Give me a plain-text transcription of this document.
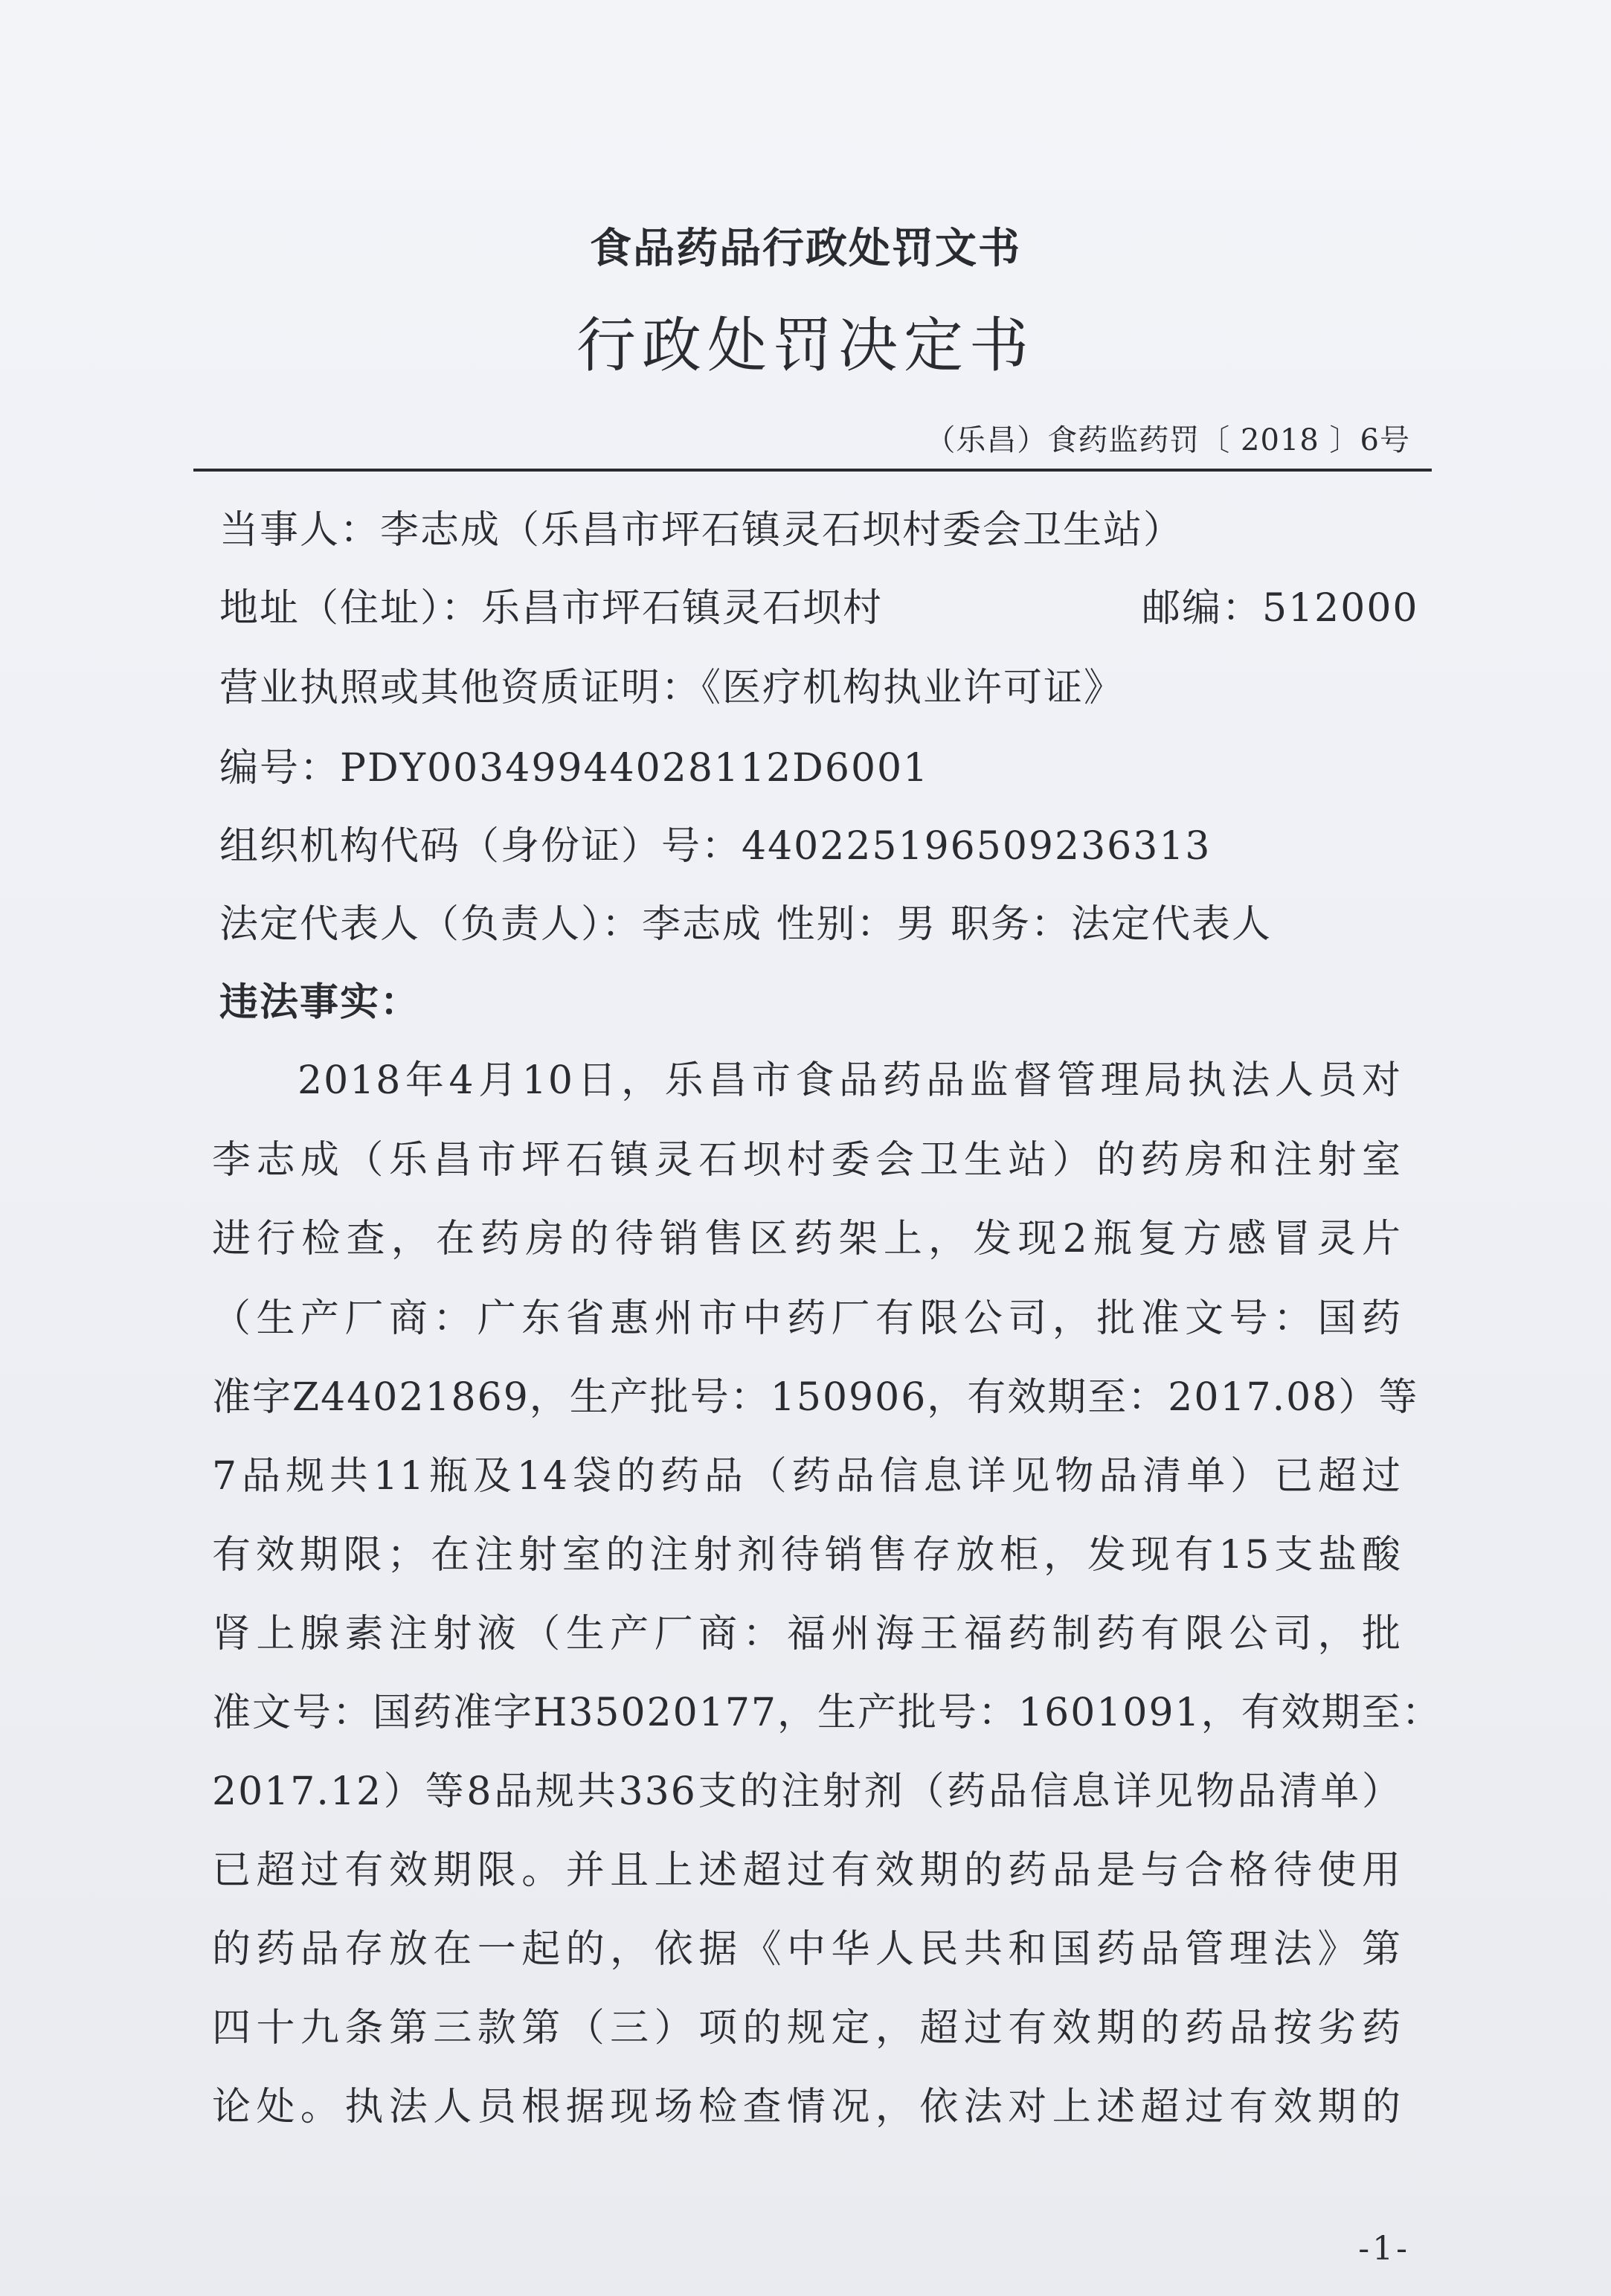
食品药品行政处罚文书
行政处罚决定书
（乐昌）食药监药罚〔 2018 〕6号
当事人：李志成（乐昌市坪石镇灵石坝村委会卫生站）
地址（住址）：乐昌市坪石镇灵石坝村	邮编：512000
营业执照或其他资质证明：《医疗机构执业许可证》
编号：PDY00349944028112D6001
组织机构代码（身份证）号：440225196509236313
法定代表人（负责人）：李志成 性别：男 职务：法定代表人
违法事实：
2018年4月10日，乐昌市食品药品监督管理局执法人员对
李志成（乐昌市坪石镇灵石坝村委会卫生站）的药房和注射室
进行检查，在药房的待销售区药架上，发现2瓶复方感冒灵片
（生产厂商：广东省惠州市中药厂有限公司，批准文号：国药
准字Z44021869，生产批号：150906，有效期至：2017.08）等
7品规共11瓶及14袋的药品（药品信息详见物品清单）已超过
有效期限；在注射室的注射剂待销售存放柜，发现有15支盐酸
肾上腺素注射液（生产厂商：福州海王福药制药有限公司，批
准文号：国药准字H35020177，生产批号：1601091，有效期至：
2017.12）等8品规共336支的注射剂（药品信息详见物品清单）
已超过有效期限。并且上述超过有效期的药品是与合格待使用
的药品存放在一起的，依据《中华人民共和国药品管理法》第
四十九条第三款第（三）项的规定，超过有效期的药品按劣药
论处。执法人员根据现场检查情况，依法对上述超过有效期的
-1-
